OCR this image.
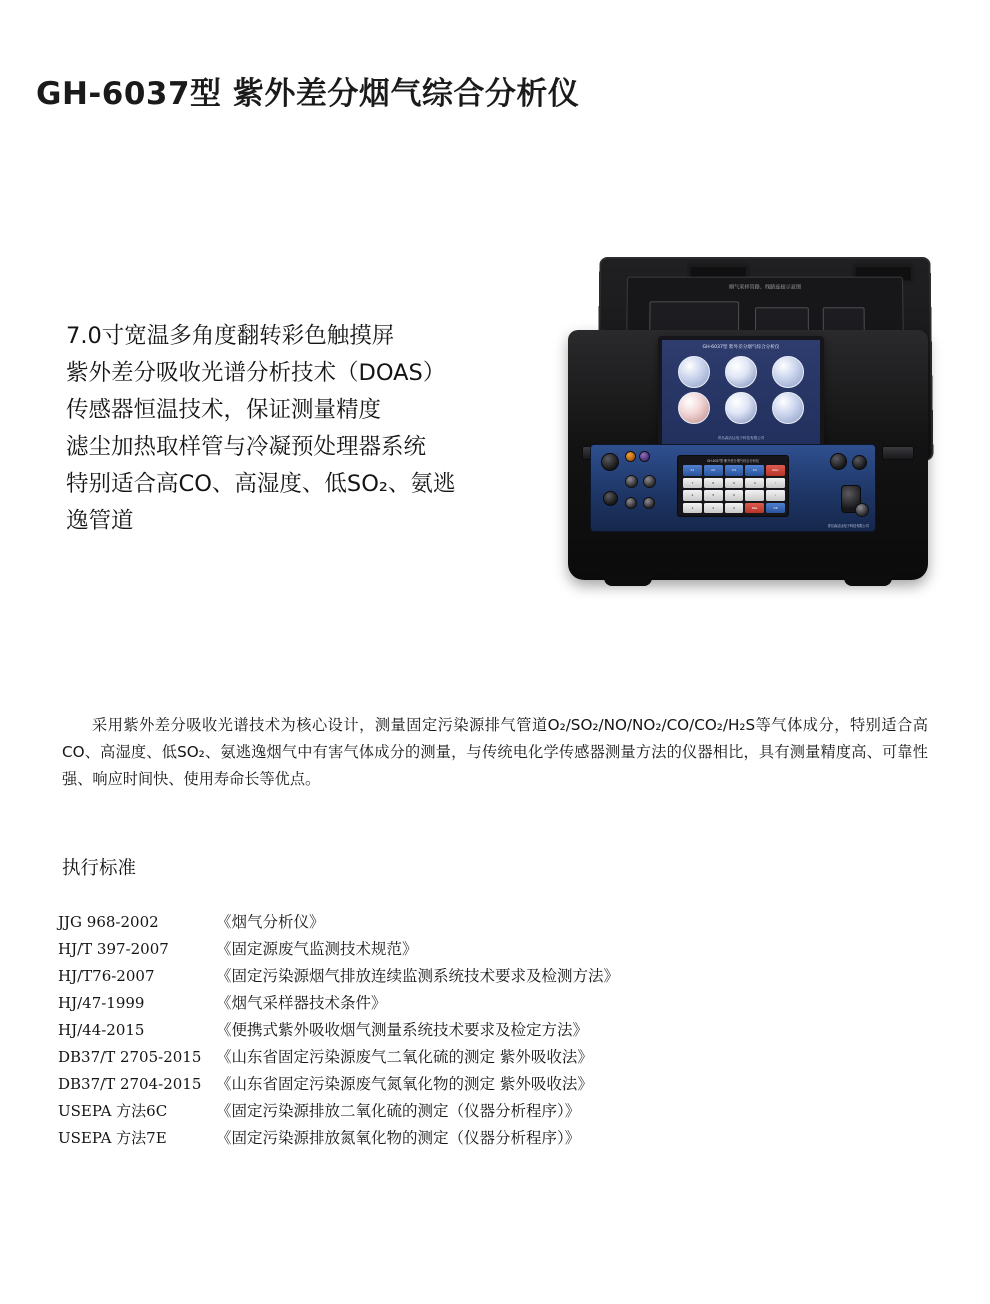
GH-6037型 紫外差分烟气综合分析仪
7.0寸宽温多角度翻转彩色触摸屏
紫外差分吸收光谱分析技术（DOAS）
传感器恒温技术，保证测量精度
滤尘加热取样管与冷凝预处理器系统
特别适合高CO、高湿度、低SO₂、氨逃
逸管道
烟气采样管路、线路连接示意图
GH-6037型 紫外差分烟气综合分析仪
青岛森洁达电子科技有限公司
GH-6037型 紫外差分烟气综合分析仪
F1	F2	F3	F4	ESC
7	8	9	0	↑
4	5	6	.	↓
1	2	3	DEL	OK
青岛森洁达电子科技有限公司
采用紫外差分吸收光谱技术为核心设计，测量固定污染源排气管道O₂/SO₂/NO/NO₂/CO/CO₂/H₂S等气体成分，特别适合高CO、高湿度、低SO₂、氨逃逸烟气中有害气体成分的测量，与传统电化学传感器测量方法的仪器相比，具有测量精度高、可靠性强、响应时间快、使用寿命长等优点。
执行标准
JJG 968-2002	《烟气分析仪》
HJ/T 397-2007	《固定源废气监测技术规范》
HJ/T76-2007	《固定污染源烟气排放连续监测系统技术要求及检测方法》
HJ/47-1999	《烟气采样器技术条件》
HJ/44-2015	《便携式紫外吸收烟气测量系统技术要求及检定方法》
DB37/T 2705-2015	《山东省固定污染源废气二氧化硫的测定 紫外吸收法》
DB37/T 2704-2015	《山东省固定污染源废气氮氧化物的测定 紫外吸收法》
USEPA 方法6C	《固定污染源排放二氧化硫的测定（仪器分析程序）》
USEPA 方法7E	《固定污染源排放氮氧化物的测定（仪器分析程序）》
